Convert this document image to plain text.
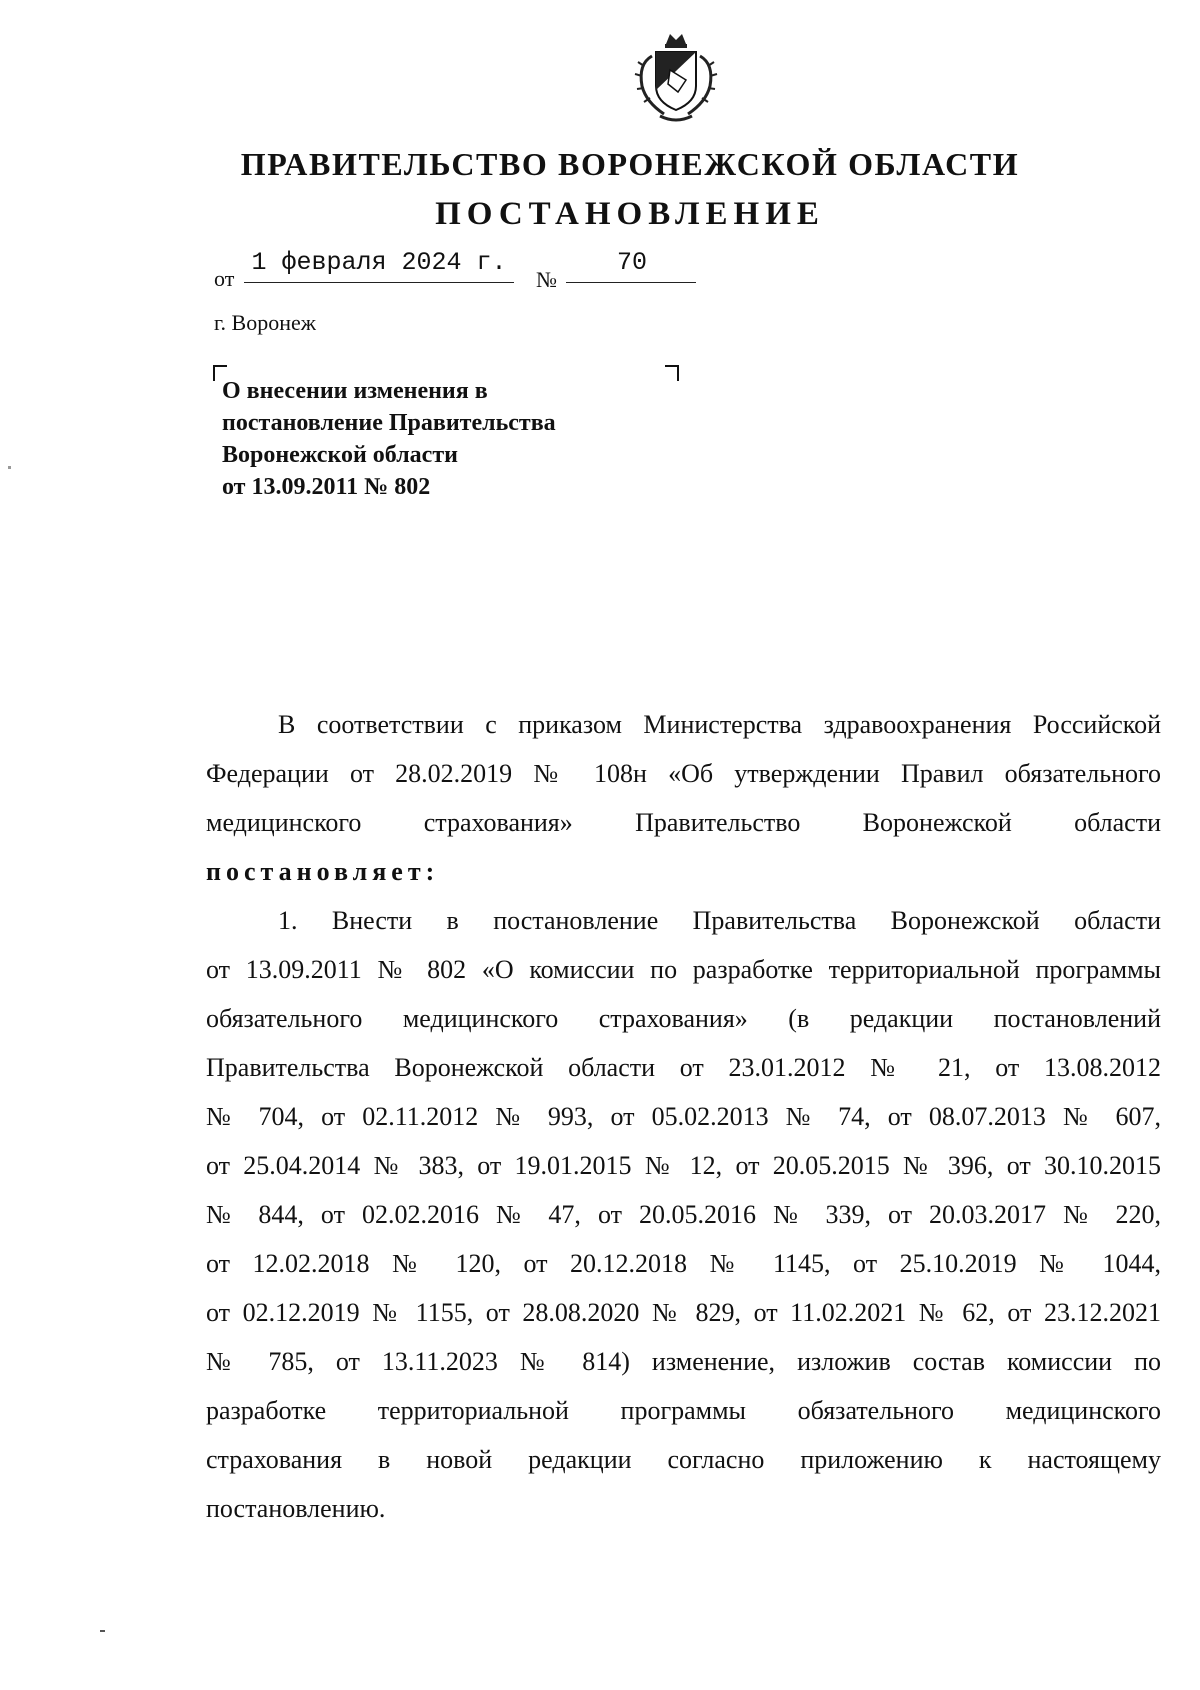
ПРАВИТЕЛЬСТВО ВОРОНЕЖСКОЙ ОБЛАСТИ
ПОСТАНОВЛЕНИЕ
от
1 февраля 2024 г.
№
70
г. Воронеж
О внесении изменения в
постановление Правительства
Воронежской области
от 13.09.2011 № 802

В соответствии с приказом Министерства здравоохранения Российской

Федерации от 28.02.2019 № 108н «Об утверждении Правил обязательного

медицинского страхования» Правительство Воронежской области

постановляет:

1. Внести в постановление Правительства Воронежской области

от 13.09.2011 № 802 «О комиссии по разработке территориальной программы

обязательного медицинского страхования» (в редакции постановлений

Правительства Воронежской области от 23.01.2012 № 21, от 13.08.2012

№ 704, от 02.11.2012 № 993, от 05.02.2013 № 74, от 08.07.2013 № 607,

от 25.04.2014 № 383, от 19.01.2015 № 12, от 20.05.2015 № 396, от 30.10.2015

№ 844, от 02.02.2016 № 47, от 20.05.2016 № 339, от 20.03.2017 № 220,

от 12.02.2018 № 120, от 20.12.2018 № 1145, от 25.10.2019 № 1044,

от 02.12.2019 № 1155, от 28.08.2020 № 829, от 11.02.2021 № 62, от 23.12.2021

№ 785, от 13.11.2023 № 814) изменение, изложив состав комиссии по

разработке территориальной программы обязательного медицинского

страхования в новой редакции согласно приложению к настоящему

постановлению.
